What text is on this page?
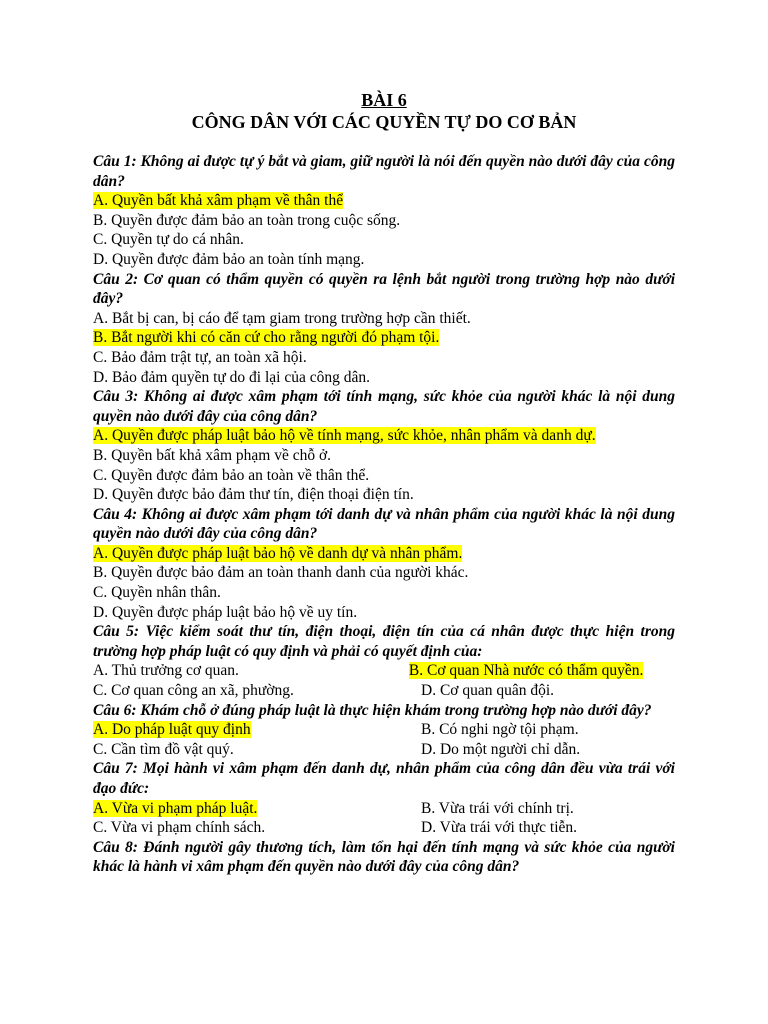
BÀI 6
CÔNG DÂN VỚI CÁC QUYỀN TỰ DO CƠ BẢN

Câu 1: Không ai được tự ý bắt và giam, giữ người là nói đến quyền nào dưới đây của công dân?

A. Quyền bất khả xâm phạm về thân thể

B. Quyền được đảm bảo an toàn trong cuộc sống.

C. Quyền tự do cá nhân.

D. Quyền được đảm bảo an toàn tính mạng.

Câu 2: Cơ quan có thẩm quyền có quyền ra lệnh bắt người trong trường hợp nào dưới đây?

A. Bắt bị can, bị cáo để tạm giam trong trường hợp cần thiết.

B. Bắt người khi có căn cứ cho rằng người đó phạm tội.

C. Bảo đảm trật tự, an toàn xã hội.

D. Bảo đảm quyền tự do đi lại của công dân.

Câu 3: Không ai được xâm phạm tới tính mạng, sức khỏe của người khác là nội dung quyền nào dưới đây của công dân?

A. Quyền được pháp luật bảo hộ về tính mạng, sức khỏe, nhân phẩm và danh dự.

B. Quyền bất khả xâm phạm về chỗ ở.

C. Quyền được đảm bảo an toàn về thân thể.

D. Quyền được bảo đảm thư tín, điện thoại điện tín.

Câu 4: Không ai được xâm phạm tới danh dự và nhân phẩm của người khác là nội dung quyền nào dưới đây của công dân?

A. Quyền được pháp luật bảo hộ về danh dự và nhân phẩm.

B. Quyền được bảo đảm an toàn thanh danh của người khác.

C. Quyền nhân thân.

D. Quyền được pháp luật bảo hộ về uy tín.

Câu 5: Việc kiểm soát thư tín, điện thoại, điện tín của cá nhân được thực hiện trong trường hợp pháp luật có quy định và phải có quyết định của:

A. Thủ trưởng cơ quan.	B. Cơ quan Nhà nước có thẩm quyền.

C. Cơ quan công an xã, phường.	D. Cơ quan quân đội.

Câu 6: Khám chỗ ở đúng pháp luật là thực hiện khám trong trường hợp nào dưới đây?

A. Do pháp luật quy định	B. Có nghi ngờ tội phạm.
C. Cần tìm đồ vật quý.	D. Do một người chỉ dẫn.

Câu 7: Mọi hành vi xâm phạm đến danh dự, nhân phẩm của công dân đều vừa trái với đạo đức:

A. Vừa vi phạm pháp luật.	B. Vừa trái với chính trị.
C. Vừa vi phạm chính sách.	D. Vừa trái với thực tiễn.

Câu 8: Đánh người gây thương tích, làm tổn hại đến tính mạng và sức khỏe của người khác là hành vi xâm phạm đến quyền nào dưới đây của công dân?
